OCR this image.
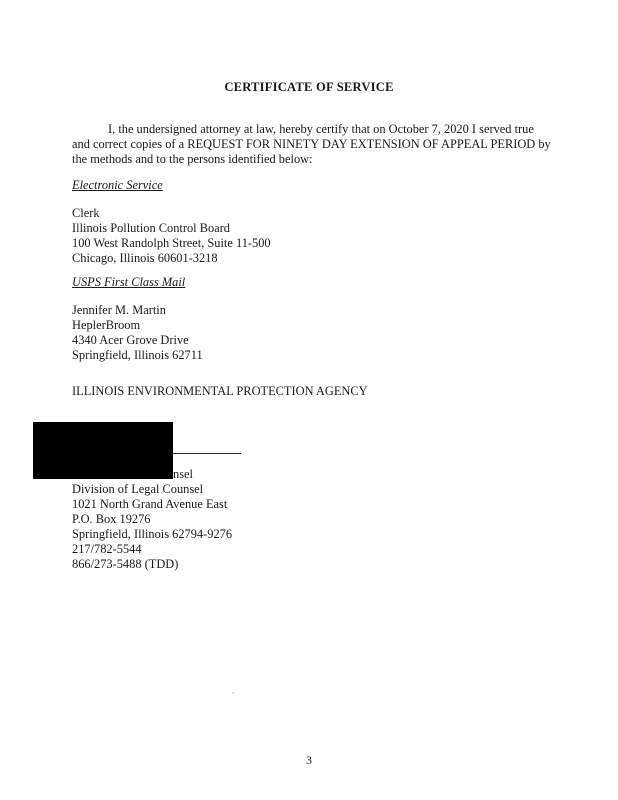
CERTIFICATE OF SERVICE
I, the undersigned attorney at law, hereby certify that on October 7, 2020 I served true
and correct copies of a REQUEST FOR NINETY DAY EXTENSION OF APPEAL PERIOD by
the methods and to the persons identified below:
Electronic Service
Clerk
Illinois Pollution Control Board
100 West Randolph Street, Suite 11-500
Chicago, Illinois 60601-3218
USPS First Class Mail
Jennifer M. Martin
HeplerBroom
4340 Acer Grove Drive
Springfield, Illinois 62711
ILLINOIS ENVIRONMENTAL PROTECTION AGENCY
nsel
Division of Legal Counsel
1021 North Grand Avenue East
P.O. Box 19276
Springfield, Illinois 62794-9276
217/782-5544
866/273-5488 (TDD)
3
